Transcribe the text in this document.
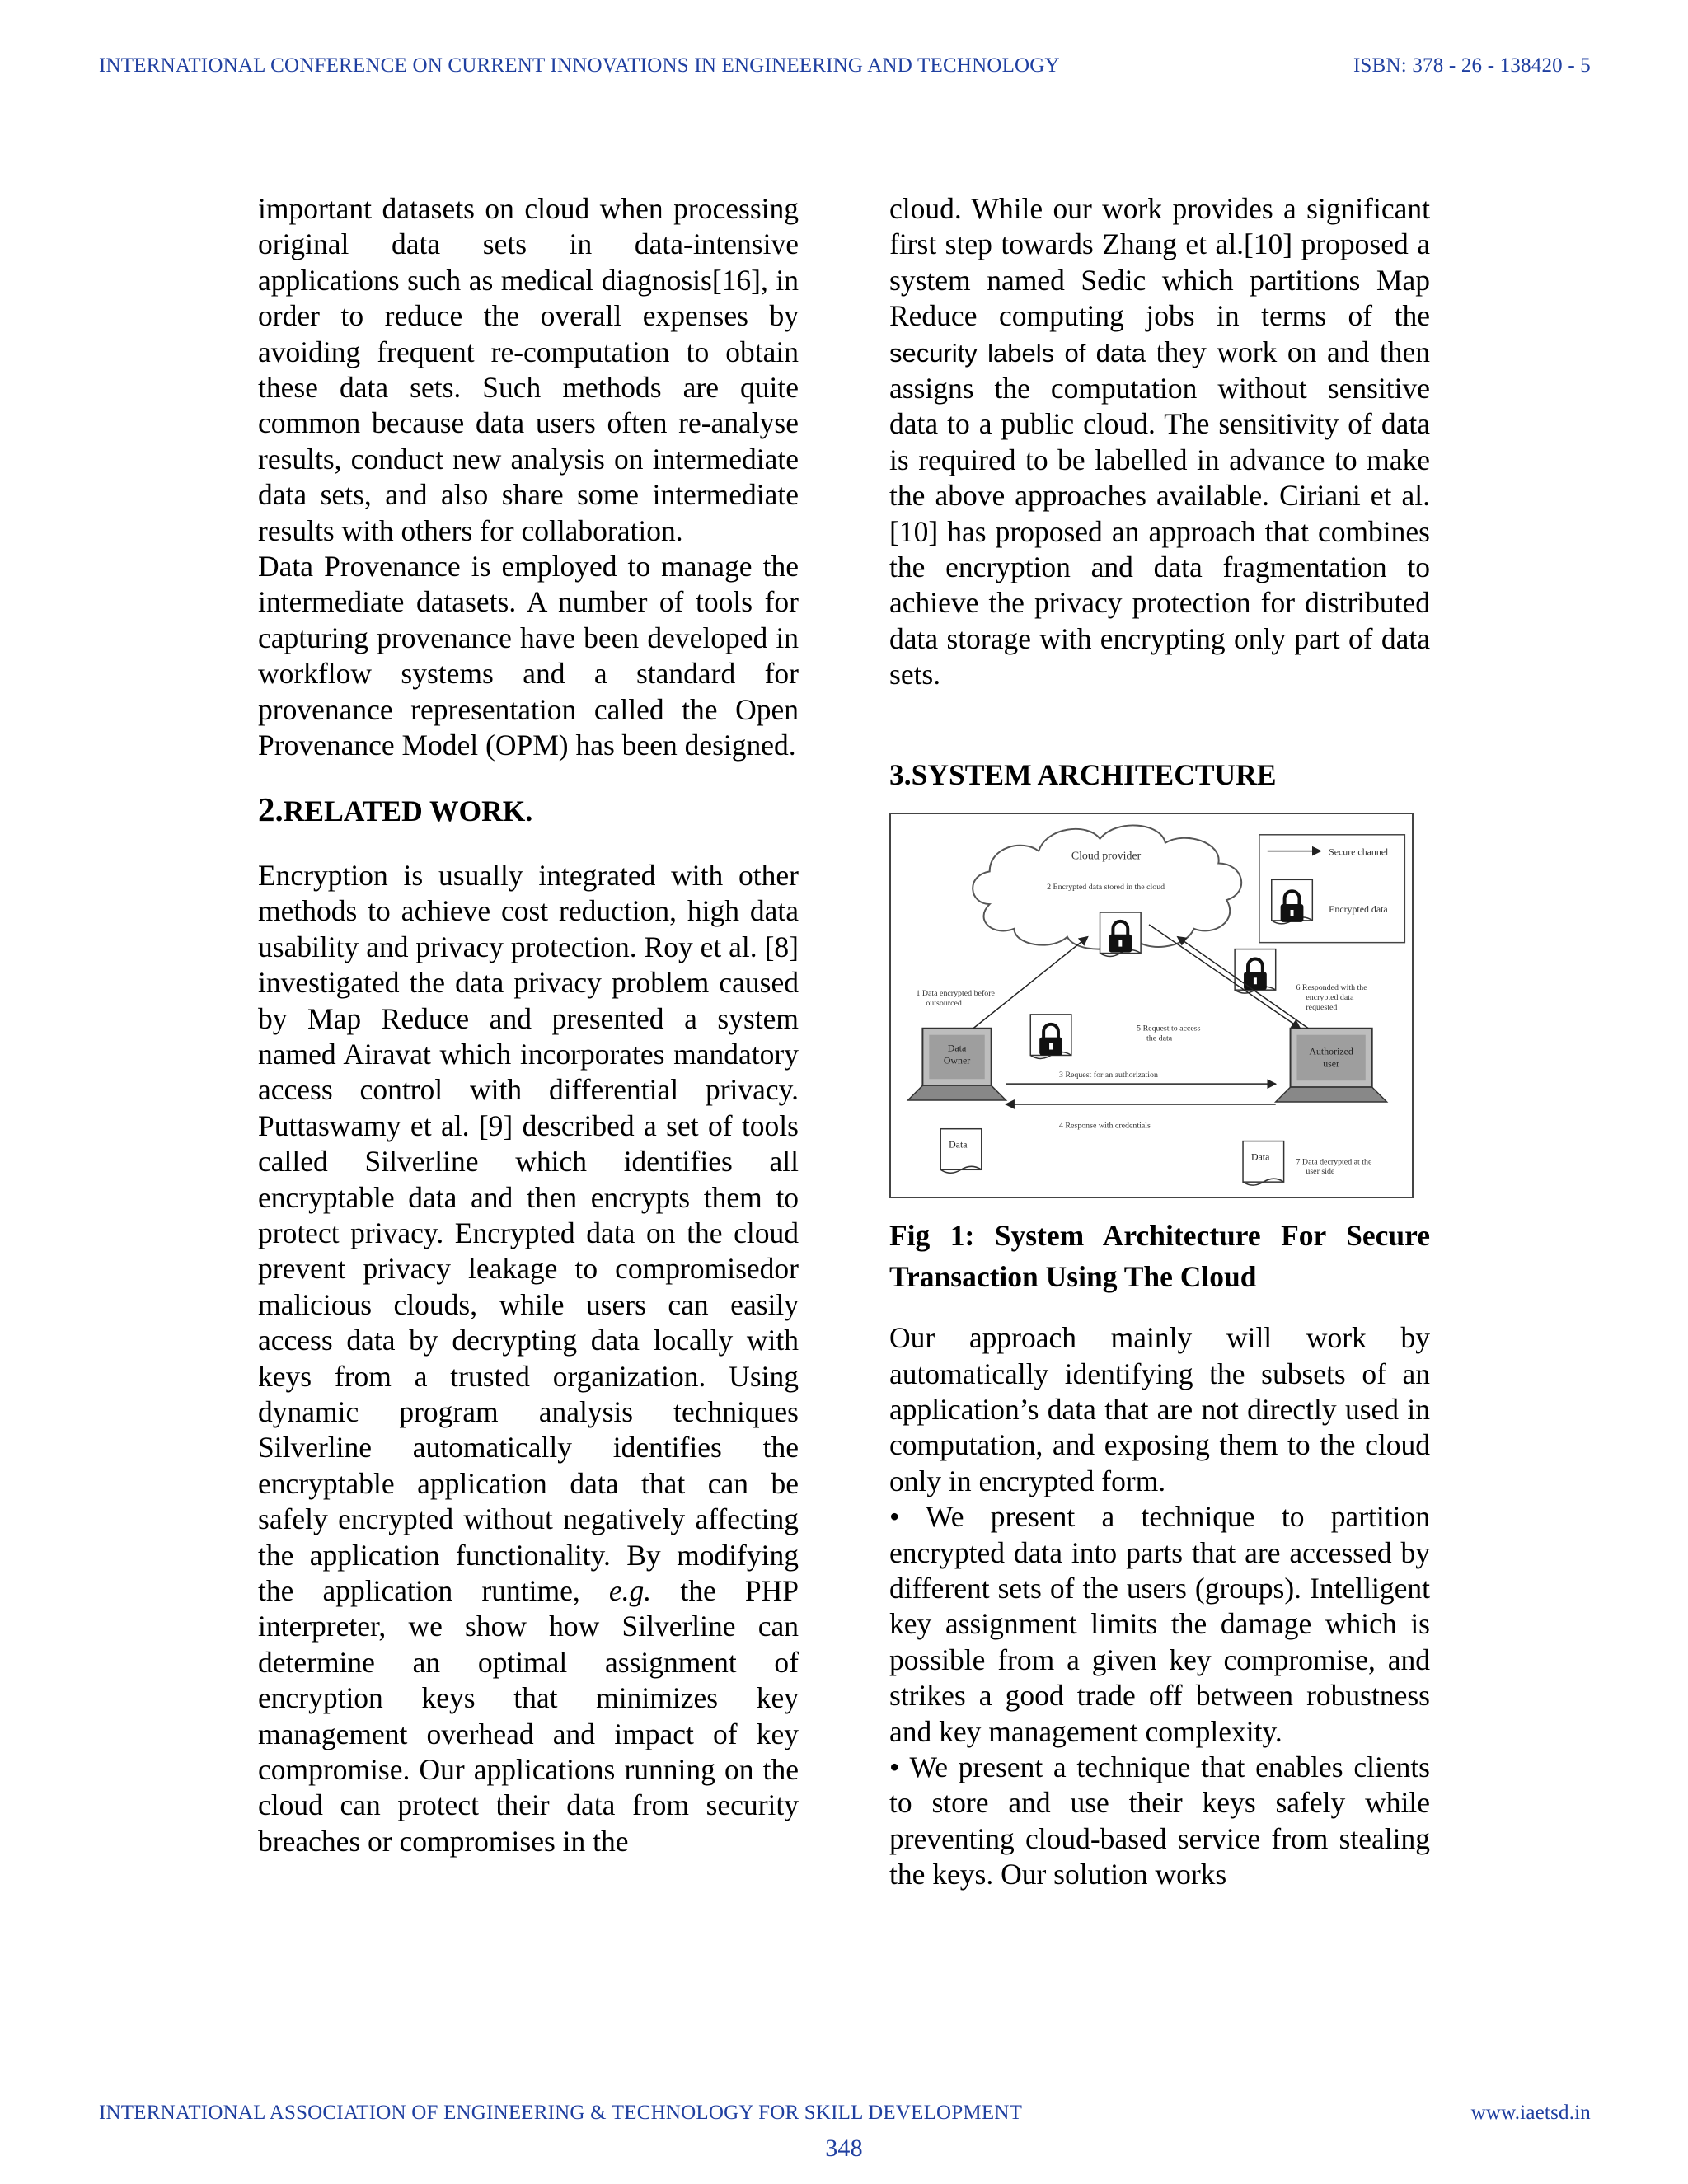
INTERNATIONAL CONFERENCE ON CURRENT INNOVATIONS IN ENGINEERING AND TECHNOLOGY	ISBN: 378 - 26 - 138420 - 5

important datasets on cloud when processing original data sets in data-intensive applications such as medical diagnosis[16], in order to reduce the overall expenses by avoiding frequent re-computation to obtain these data sets. Such methods are quite common because data users often re-analyse results, conduct new analysis on intermediate data sets, and also share some intermediate results with others for collaboration.

Data Provenance is employed to manage the intermediate datasets. A number of tools for capturing provenance have been developed in workflow systems and a standard for provenance representation called the Open Provenance Model (OPM) has been designed.

2.RELATED WORK.

Encryption is usually integrated with other methods to achieve cost reduction, high data usability and privacy protection. Roy et al. [8] investigated the data privacy problem caused by Map Reduce and presented a system named Airavat which incorporates mandatory access control with differential privacy. Puttaswamy et al. [9] described a set of tools called Silverline which identifies all encryptable data and then encrypts them to protect privacy. Encrypted data on the cloud prevent privacy leakage to compromisedor malicious clouds, while users can easily access data by decrypting data locally with keys from a trusted organization. Using dynamic program analysis techniques Silverline automatically identifies the encryptable application data that can be safely encrypted without negatively affecting the application functionality. By modifying the application runtime, e.g. the PHP interpreter, we show how Silverline can determine an optimal assignment of encryption keys that minimizes key management overhead and impact of key compromise. Our applications running on the cloud can protect their data from security breaches or compromises in the

cloud. While our work provides a significant first step towards Zhang et al.[10] proposed a system named Sedic which partitions Map Reduce computing jobs in terms of the security labels of data they work on and then assigns the computation without sensitive data to a public cloud. The sensitivity of data is required to be labelled in advance to make the above approaches available. Ciriani et al.[10] has proposed an approach that combines the encryption and data fragmentation to achieve the privacy protection for distributed data storage with encrypting only part of data sets.

3.SYSTEM ARCHITECTURE

Cloud provider
2 Encrypted data stored in the cloud
Secure channel
Encrypted data
6 Responded with the
encrypted data
requested
1 Data encrypted before
outsourced
Data
Owner
Authorized
user
5 Request to access
the data
3 Request for an authorization
4 Response with credentials
Data
Data	7 Data decrypted at the
user side

Fig 1: System Architecture For Secure Transaction Using The Cloud

Our approach mainly will work by automatically identifying the subsets of an application’s data that are not directly used in computation, and exposing them to the cloud only in encrypted form.

• We present a technique to partition encrypted data into parts that are accessed by different sets of the users (groups). Intelligent key assignment limits the damage which is possible from a given key compromise, and strikes a good trade off between robustness and key management complexity.

• We present a technique that enables clients to store and use their keys safely while preventing cloud-based service from stealing the keys. Our solution works

INTERNATIONAL ASSOCIATION OF ENGINEERING & TECHNOLOGY FOR SKILL DEVELOPMENT	www.iaetsd.in
348
